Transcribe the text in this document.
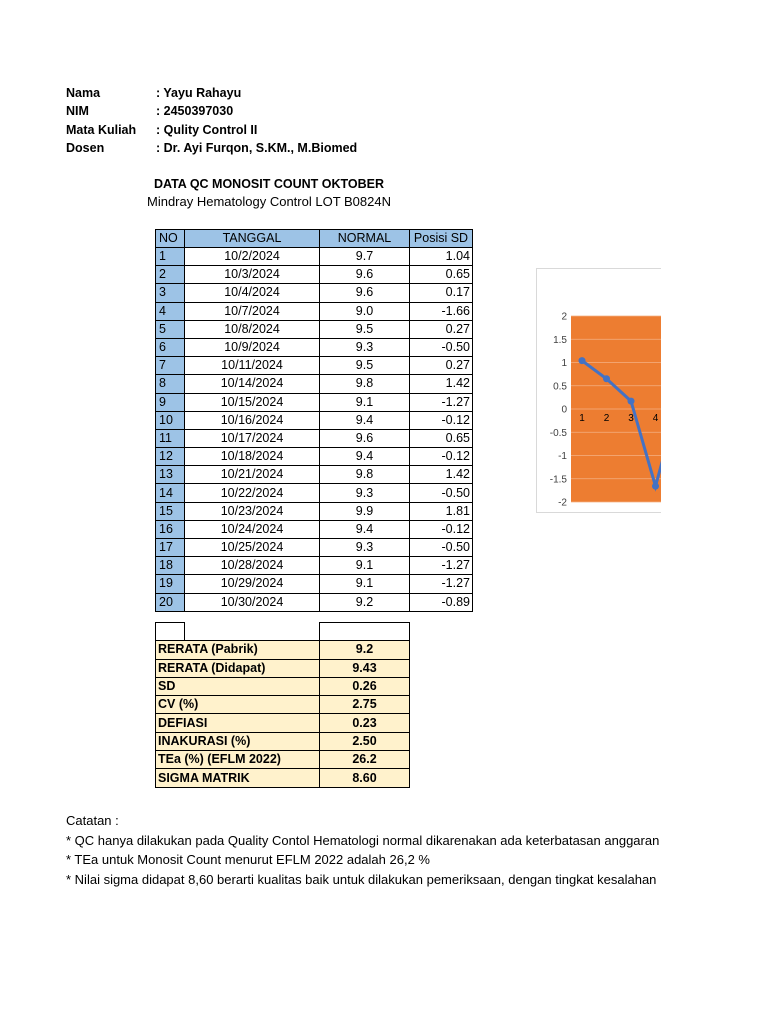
Nama	: Yayu Rahayu
NIM	: 2450397030
Mata Kuliah	: Qulity Control II
Dosen	: Dr. Ayi Furqon, S.KM., M.Biomed
DATA QC MONOSIT COUNT OKTOBER
Mindray Hematology Control LOT B0824N
NO	TANGGAL	NORMAL	Posisi SD
1	10/2/2024	9.7	1.04
2	10/3/2024	9.6	0.65
3	10/4/2024	9.6	0.17
4	10/7/2024	9.0	-1.66
5	10/8/2024	9.5	0.27
6	10/9/2024	9.3	-0.50
7	10/11/2024	9.5	0.27
8	10/14/2024	9.8	1.42
9	10/15/2024	9.1	-1.27
10	10/16/2024	9.4	-0.12
11	10/17/2024	9.6	0.65
12	10/18/2024	9.4	-0.12
13	10/21/2024	9.8	1.42
14	10/22/2024	9.3	-0.50
15	10/23/2024	9.9	1.81
16	10/24/2024	9.4	-0.12
17	10/25/2024	9.3	-0.50
18	10/28/2024	9.1	-1.27
19	10/29/2024	9.1	-1.27
20	10/30/2024	9.2	-0.89

RERATA (Pabrik)		9.2
RERATA (Didapat)		9.43
SD		0.26
CV (%)		2.75
DEFIASI		0.23
INAKURASI (%)		2.50
TEa (%) (EFLM 2022)		26.2
SIGMA MATRIK		8.60
2
1.5
1
0.5
0
-0.5
-1
-1.5
-2
1 2 3 4
Catatan :
* QC hanya dilakukan pada Quality Contol Hematologi normal dikarenakan ada keterbatasan anggaran
* TEa untuk Monosit Count menurut EFLM 2022 adalah 26,2 %
* Nilai sigma didapat 8,60 berarti kualitas baik untuk dilakukan pemeriksaan, dengan tingkat kesalahan
